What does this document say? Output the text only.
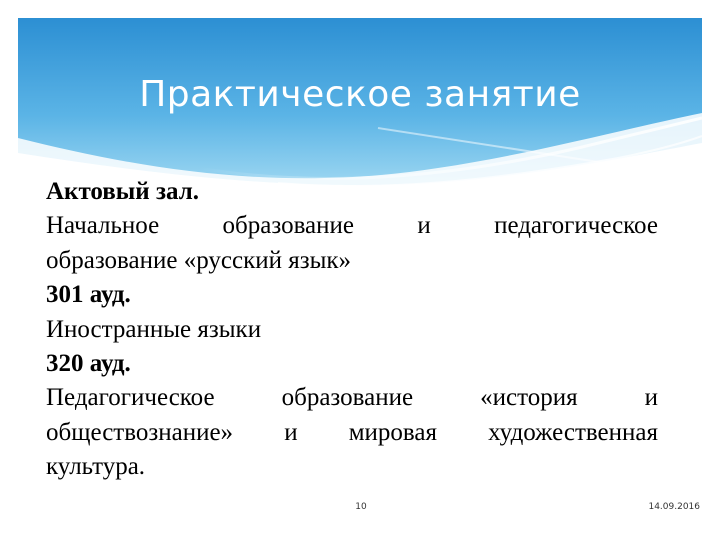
Практическое занятие
Актовый зал.
Начальное	образование	и	педагогическое
образование «русский язык»
301 ауд.
Иностранные языки
320 ауд.
Педагогическое	образование	«история	и
обществознание» и мировая художественная
культура.
10	14.09.2016
